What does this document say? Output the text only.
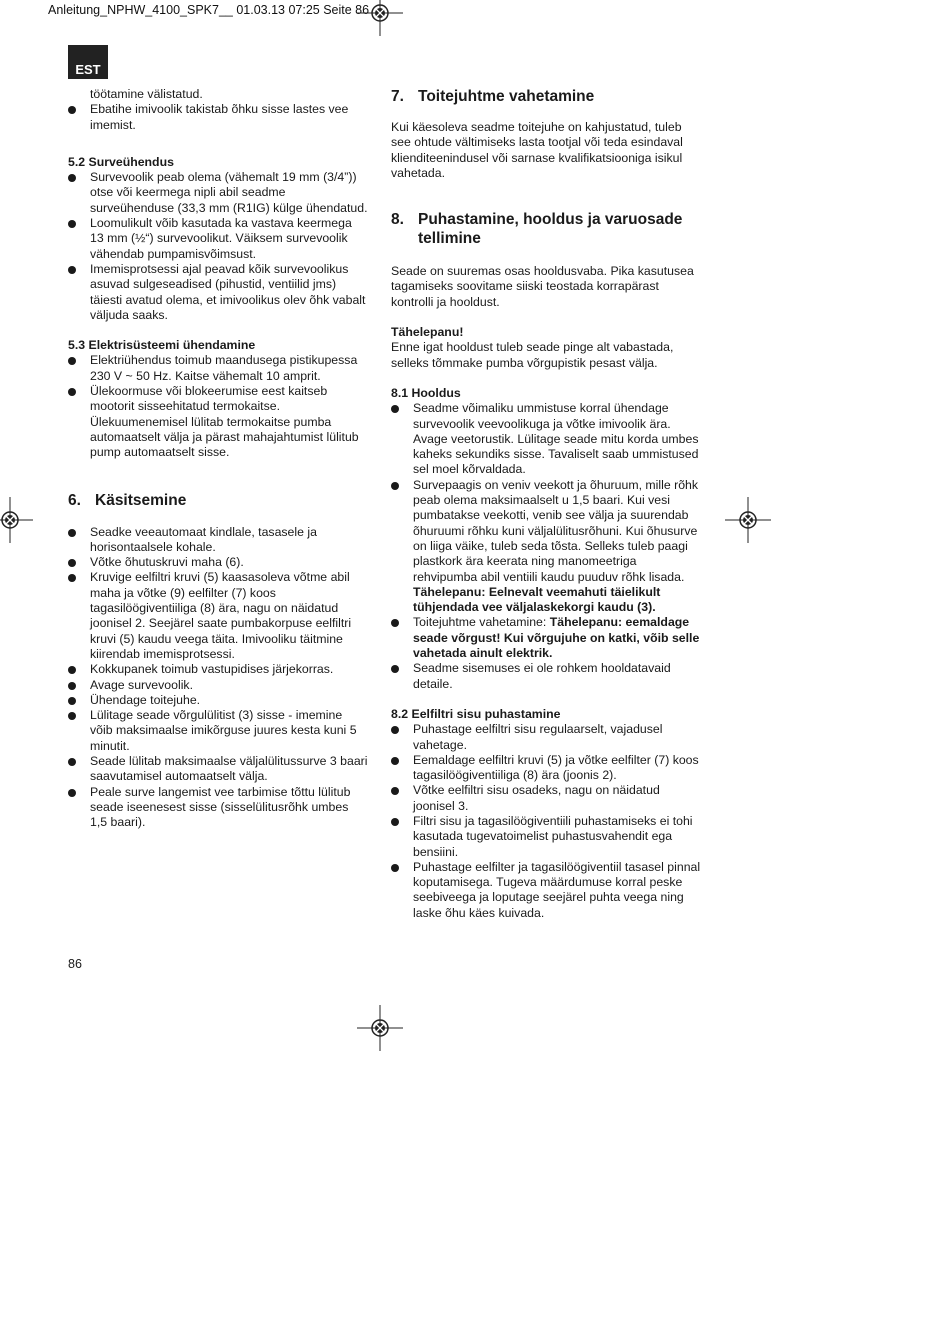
Anleitung_NPHW_4100_SPK7__ 01.03.13 07:25 Seite 86
EST
töötamine välistatud.
Ebatihe imivoolik takistab õhku sisse lastes vee imemist.
5.2 Surveühendus
Survevoolik peab olema (vähemalt 19 mm (3/4”)) otse või keermega nipli abil seadme surveühenduse (33,3 mm (R1IG) külge ühendatud.
Loomulikult võib kasutada ka vastava keermega 13 mm (½“) survevoolikut. Väiksem survevoolik vähendab pumpamisvõimsust.
Imemisprotsessi ajal peavad kõik survevoolikus asuvad sulgeseadised (pihustid, ventiilid jms) täiesti avatud olema, et imivoolikus olev õhk vabalt väljuda saaks.
5.3 Elektrisüsteemi ühendamine
Elektriühendus toimub maandusega pistikupessa 230 V ~ 50 Hz. Kaitse vähemalt 10 amprit.
Ülekoormuse või blokeerumise eest kaitseb mootorit sisseehitatud termokaitse. Ülekuumenemisel lülitab termokaitse pumba automaatselt välja ja pärast mahajahtumist lülitub pump automaatselt sisse.
6. Käsitsemine
Seadke veeautomaat kindlale, tasasele ja horisontaalsele kohale.
Võtke õhutuskruvi maha (6).
Kruvige eelfiltri kruvi (5) kaasasoleva võtme abil maha ja võtke (9) eelfilter (7) koos tagasilöögiventiiliga (8) ära, nagu on näidatud joonisel 2. Seejärel saate pumbakorpuse eelfiltri kruvi (5) kaudu veega täita. Imivooliku täitmine kiirendab imemisprotsessi.
Kokkupanek toimub vastupidises järjekorras.
Avage survevoolik.
Ühendage toitejuhe.
Lülitage seade võrgulülitist (3) sisse - imemine võib maksimaalse imikõrguse juures kesta kuni 5 minutit.
Seade lülitab maksimaalse väljalülitussurve 3 baari saavutamisel automaatselt välja.
Peale surve langemist vee tarbimise tõttu lülitub seade iseenesest sisse (sisselülitusrõhk umbes 1,5 baari).
7. Toitejuhtme vahetamine

Kui käesoleva seadme toitejuhe on kahjustatud, tuleb see ohtude vältimiseks lasta tootjal või teda esindaval klienditeenindusel või sarnase kvalifikatsiooniga isikul vahetada.

8. Puhastamine, hooldus ja varuosade tellimine

Seade on suuremas osas hooldusvaba. Pika kasutusea tagamiseks soovitame siiski teostada korrapärast kontrolli ja hooldust.

Tähelepanu!

Enne igat hooldust tuleb seade pinge alt vabastada, selleks tõmmake pumba võrgupistik pesast välja.

8.1 Hooldus
Seadme võimaliku ummistuse korral ühendage survevoolik veevoolikuga ja võtke imivoolik ära. Avage veetorustik. Lülitage seade mitu korda umbes kaheks sekundiks sisse. Tavaliselt saab ummistused sel moel kõrvaldada.
Survepaagis on veniv veekott ja õhuruum, mille rõhk peab olema maksimaalselt u 1,5 baari. Kui vesi pumbatakse veekotti, venib see välja ja suurendab õhuruumi rõhku kuni väljalülitusrõhuni. Kui õhusurve on liiga väike, tuleb seda tõsta. Selleks tuleb paagi plastkork ära keerata ning manomeetriga rehvipumba abil ventiili kaudu puuduv rõhk lisada.
Tähelepanu: Eelnevalt veemahuti täielikult tühjendada vee väljalaskekorgi kaudu (3).
Toitejuhtme vahetamine: Tähelepanu: eemaldage seade võrgust! Kui võrgujuhe on katki, võib selle vahetada ainult elektrik.
Seadme sisemuses ei ole rohkem hooldatavaid detaile.
8.2 Eelfiltri sisu puhastamine
Puhastage eelfiltri sisu regulaarselt, vajadusel vahetage.
Eemaldage eelfiltri kruvi (5) ja võtke eelfilter (7) koos tagasilöögiventiiliga (8) ära (joonis 2).
Võtke eelfiltri sisu osadeks, nagu on näidatud joonisel 3.
Filtri sisu ja tagasilöögiventiili puhastamiseks ei tohi kasutada tugevatoimelist puhastusvahendit ega bensiini.
Puhastage eelfilter ja tagasilöögiventiil tasasel pinnal koputamisega. Tugeva määrdumuse korral peske seebiveega ja loputage seejärel puhta veega ning laske õhu käes kuivada.
86
